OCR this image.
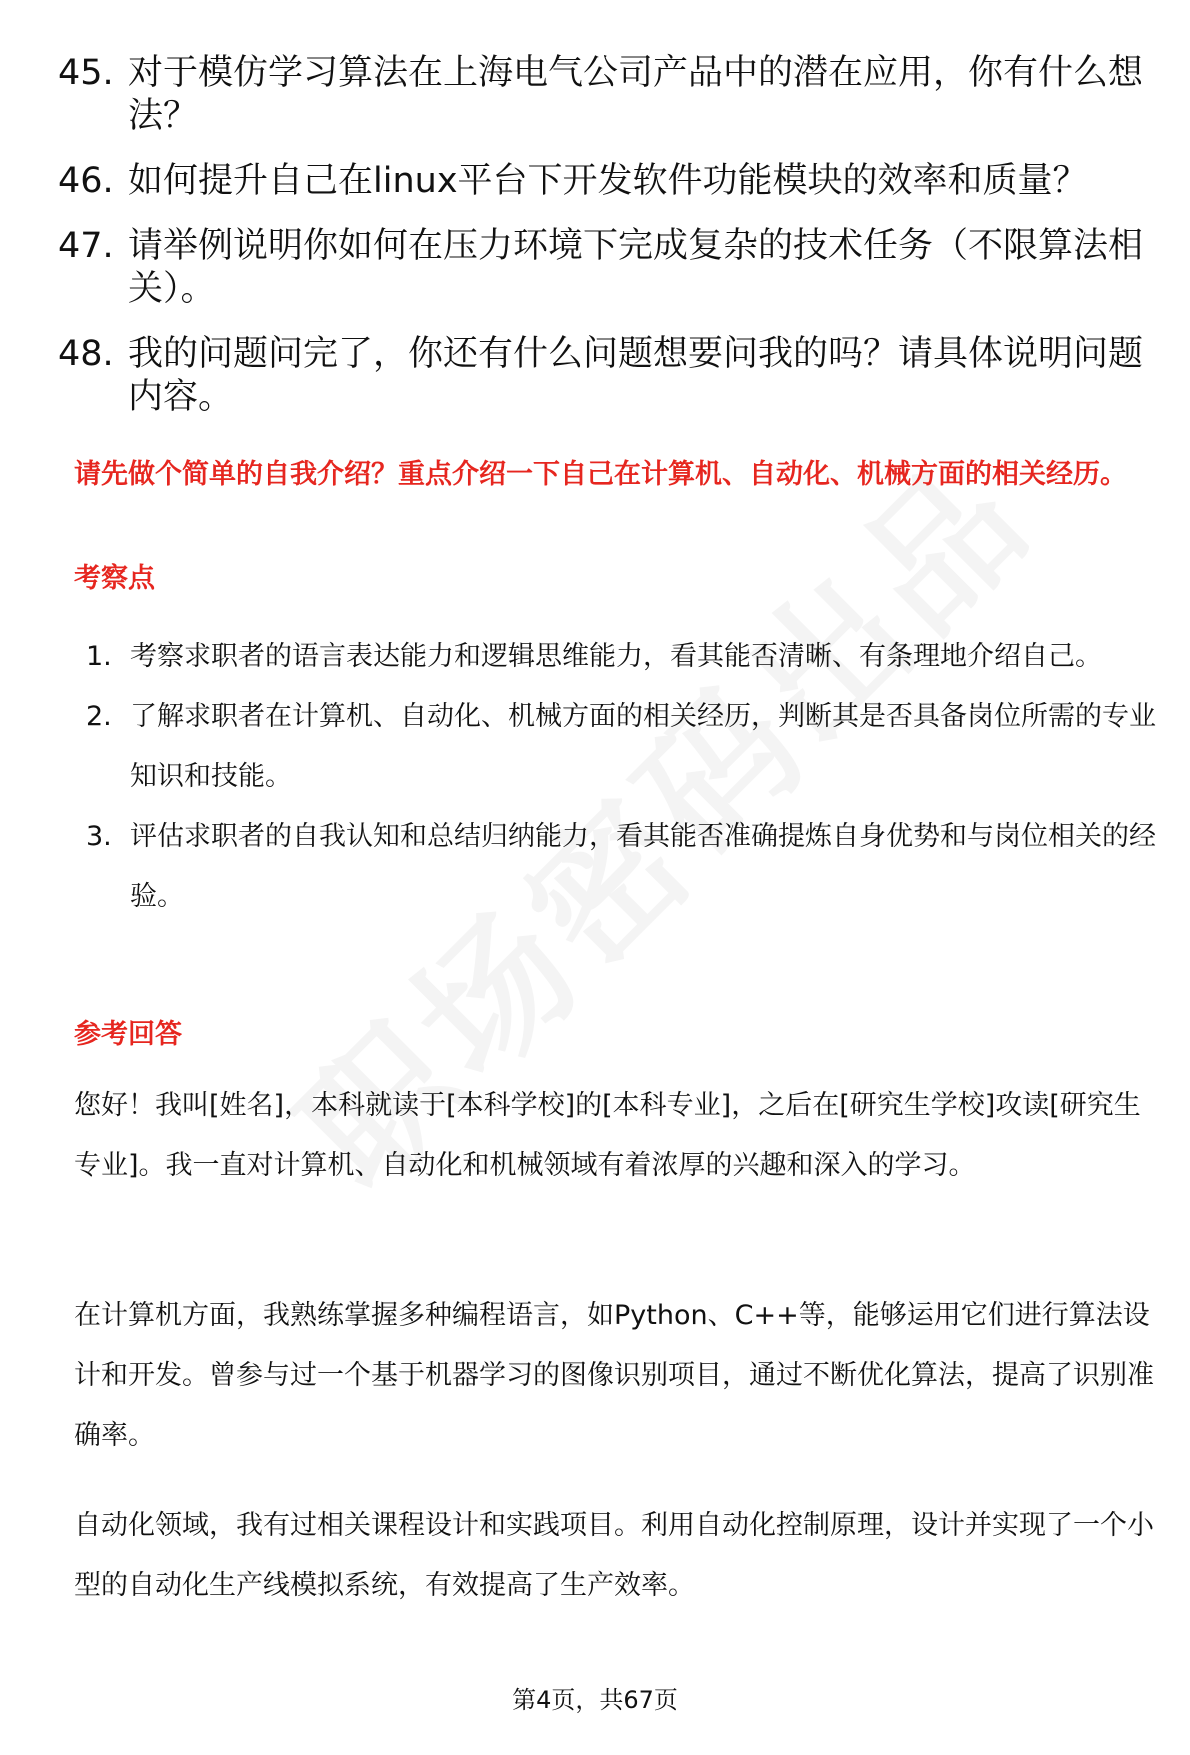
45. 对于模仿学习算法在上海电气公司产品中的潜在应用，你有什么想法？
46. 如何提升自己在linux平台下开发软件功能模块的效率和质量？
47. 请举例说明你如何在压力环境下完成复杂的技术任务（不限算法相关）。
48. 我的问题问完了，你还有什么问题想要问我的吗？请具体说明问题内容。
请先做个简单的自我介绍？重点介绍一下自己在计算机、自动化、机械方面的相关经历。
考察点
1. 考察求职者的语言表达能力和逻辑思维能力，看其能否清晰、有条理地介绍自己。
2. 了解求职者在计算机、自动化、机械方面的相关经历，判断其是否具备岗位所需的专业知识和技能。
3. 评估求职者的自我认知和总结归纳能力，看其能否准确提炼自身优势和与岗位相关的经验。
参考回答

您好！我叫[姓名]，本科就读于[本科学校]的[本科专业]，之后在[研究生学校]攻读[研究生专业]。我一直对计算机、自动化和机械领域有着浓厚的兴趣和深入的学习。

在计算机方面，我熟练掌握多种编程语言，如Python、C++等，能够运用它们进行算法设计和开发。曾参与过一个基于机器学习的图像识别项目，通过不断优化算法，提高了识别准确率。

自动化领域，我有过相关课程设计和实践项目。利用自动化控制原理，设计并实现了一个小型的自动化生产线模拟系统，有效提高了生产效率。

第4页，共67页
